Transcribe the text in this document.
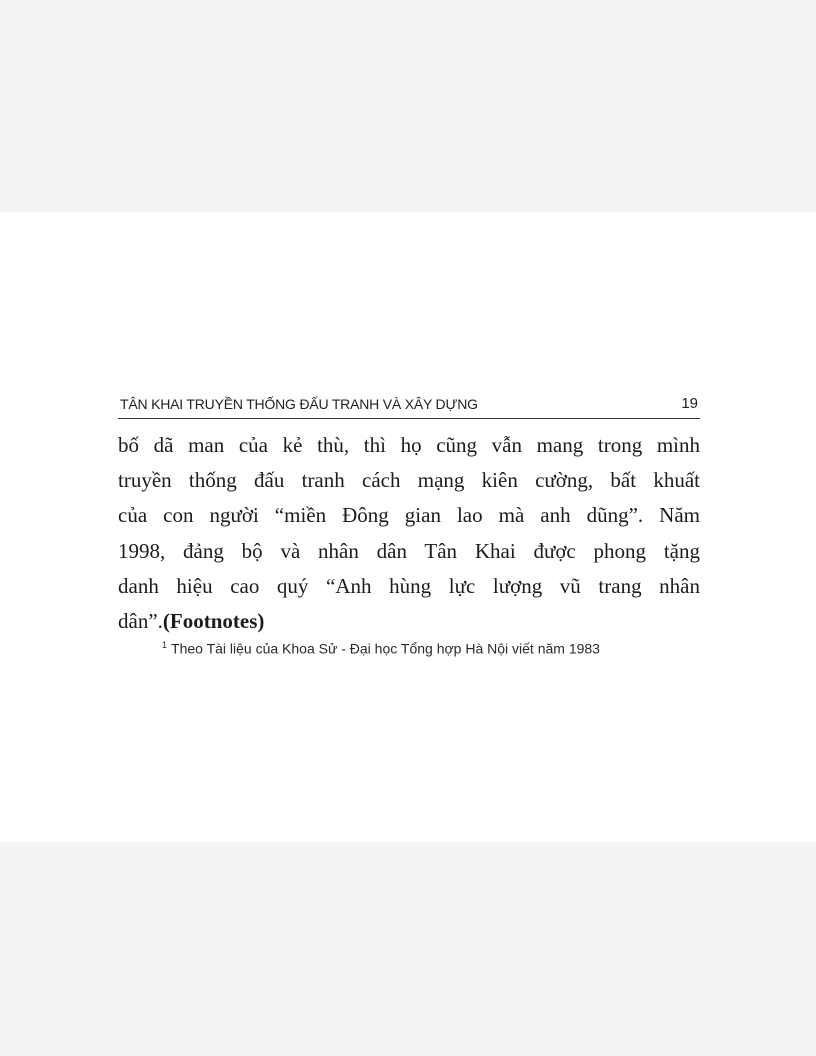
TÂN KHAI TRUYỀN THỐNG ĐẤU TRANH VÀ XÂY DỰNG	19
bố dã man của kẻ thù, thì họ cũng vẫn mang trong mình
truyền thống đấu tranh cách mạng kiên cường, bất khuất
của con người “miền Đông gian lao mà anh dũng”. Năm
1998, đảng bộ và nhân dân Tân Khai được phong tặng
danh hiệu cao quý “Anh hùng lực lượng vũ trang nhân
dân”.(Footnotes)
$^1$ Theo Tài liệu của Khoa Sử - Đại học Tổng hợp Hà Nội viết năm 1983
